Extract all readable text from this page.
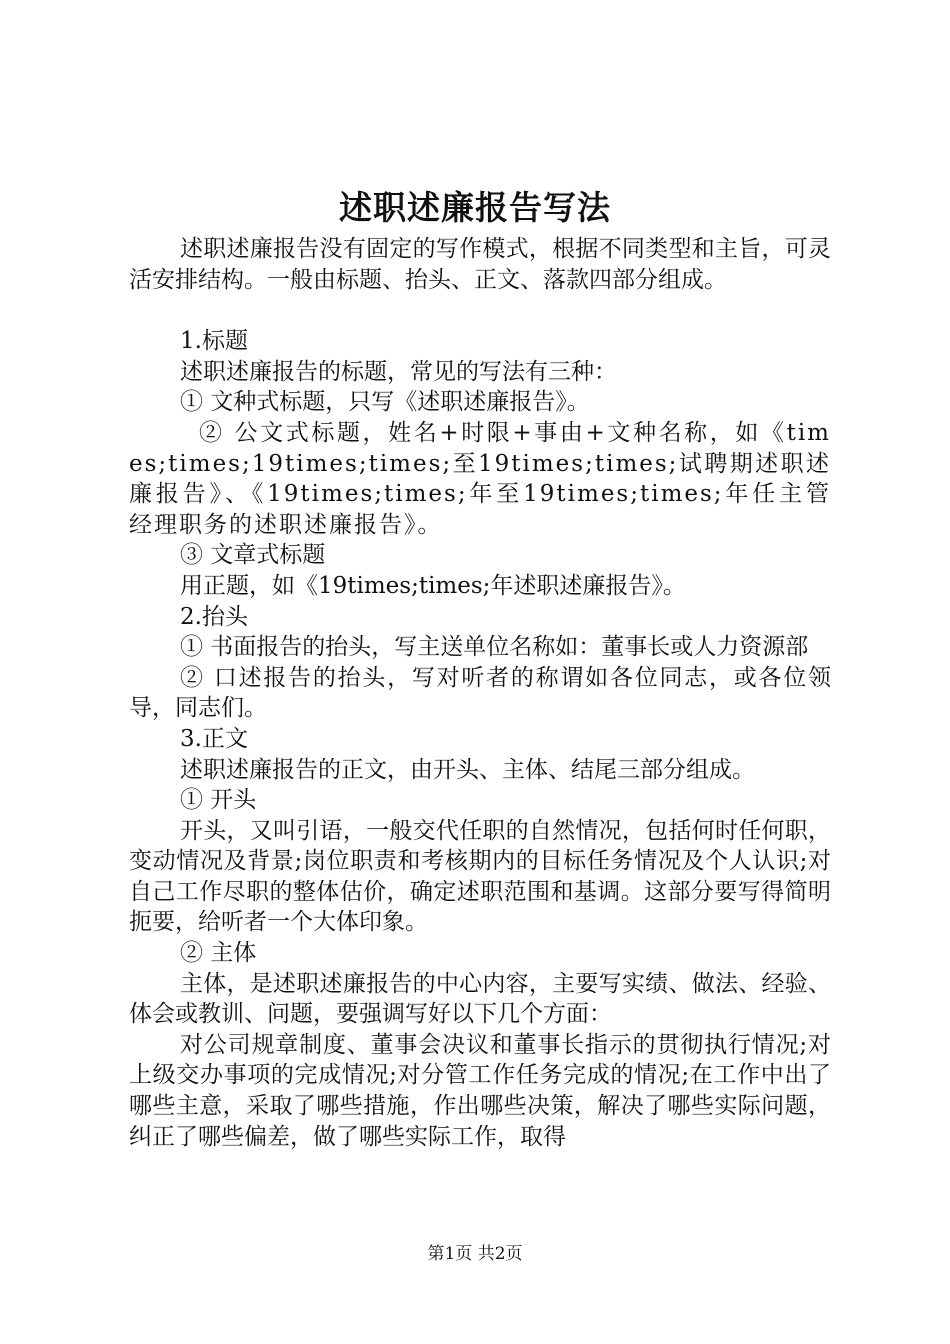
述职述廉报告写法

述职述廉报告没有固定的写作模式，根据不同类型和主旨，可灵活安排结构。一般由标题、抬头、正文、落款四部分组成。

1.标题

述职述廉报告的标题，常见的写法有三种：

① 文种式标题，只写《述职述廉报告》。

② 公文式标题，姓名+时限+事由+文种名称，如《times;times;19times;times;至19times;times;试聘期述职述廉报告》、《19times;times;年至19times;times;年任主管经理职务的述职述廉报告》。

③ 文章式标题

用正题，如《19times;times;年述职述廉报告》。

2.抬头

① 书面报告的抬头，写主送单位名称如：董事长或人力资源部

② 口述报告的抬头，写对听者的称谓如各位同志，或各位领导，同志们。

3.正文

述职述廉报告的正文，由开头、主体、结尾三部分组成。

① 开头

开头，又叫引语，一般交代任职的自然情况，包括何时任何职，变动情况及背景;岗位职责和考核期内的目标任务情况及个人认识;对自己工作尽职的整体估价，确定述职范围和基调。这部分要写得简明扼要，给听者一个大体印象。

② 主体

主体，是述职述廉报告的中心内容，主要写实绩、做法、经验、体会或教训、问题，要强调写好以下几个方面：

对公司规章制度、董事会决议和董事长指示的贯彻执行情况;对上级交办事项的完成情况;对分管工作任务完成的情况;在工作中出了哪些主意，采取了哪些措施，作出哪些决策，解决了哪些实际问题，纠正了哪些偏差，做了哪些实际工作，取得

第1页 共2页
